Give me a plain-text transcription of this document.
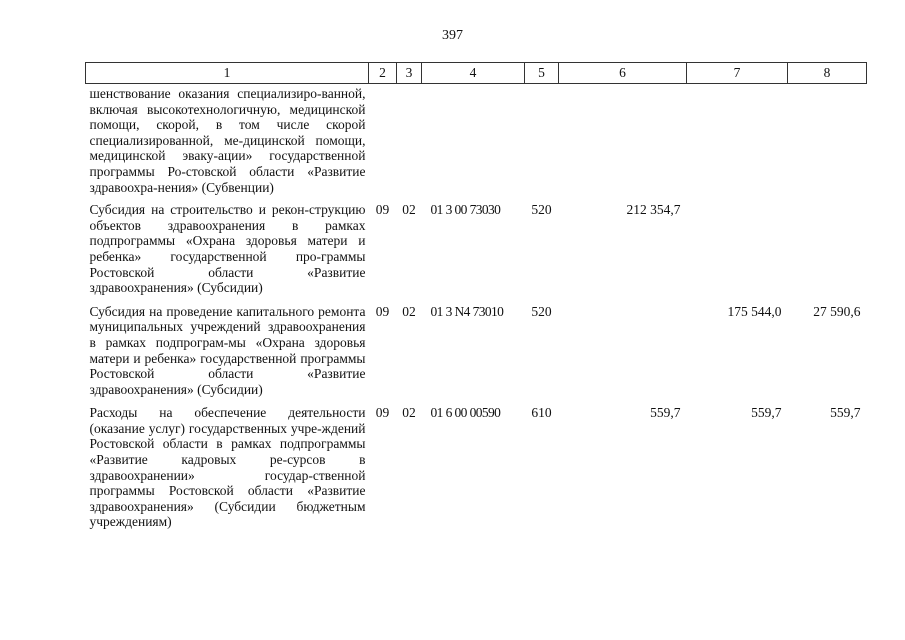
397
1	2	3	4	5	6	7	8
шенствование оказания специализиро-ванной, включая высокотехнологичную, медицинской помощи, скорой, в том числе скорой специализированной, ме-дицинской помощи, медицинской эваку-ации» государственной программы Ро-стовской области «Развитие здравоохра-нения» (Субвенции)							
Субсидия на строительство и рекон-струкцию объектов здравоохранения в рамках подпрограммы «Охрана здоровья матери и ребенка» государственной про-граммы Ростовской области «Развитие здравоохранения» (Субсидии)	09	02	01 3 00 73030	520	212 354,7		
Субсидия на проведение капитального ремонта муниципальных учреждений здравоохранения в рамках подпрограм-мы «Охрана здоровья матери и ребенка» государственной программы Ростовской области «Развитие здравоохранения» (Субсидии)	09	02	01 3 N4 73010	520		175 544,0	27 590,6
Расходы на обеспечение деятельности (оказание услуг) государственных учре-ждений Ростовской области в рамках подпрограммы «Развитие кадровых ре-сурсов в здравоохранении» государ-ственной программы Ростовской области «Развитие здравоохранения» (Субсидии бюджетным учреждениям)	09	02	01 6 00 00590	610	559,7	559,7	559,7
